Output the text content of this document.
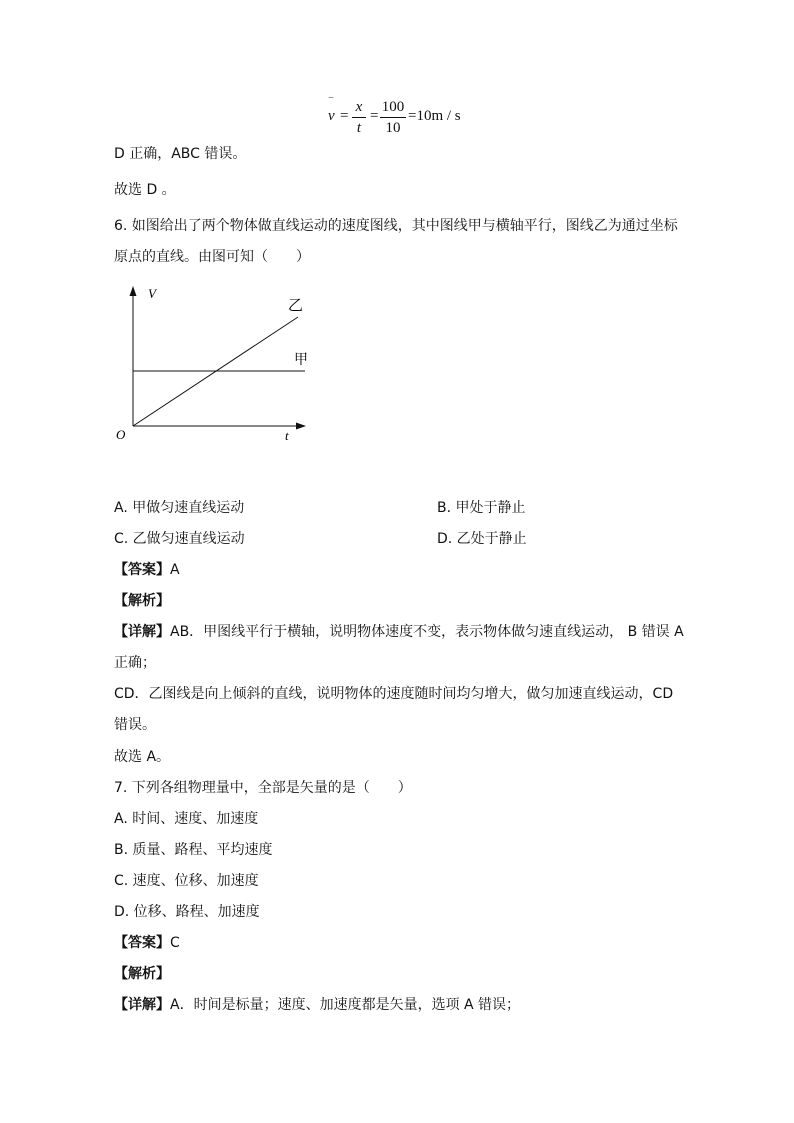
v
‾
=
x
t
=
100
10
=10m / s
D 正确，ABC 错误。
故选 D 。
6. 如图给出了两个物体做直线运动的速度图线，其中图线甲与横轴平行，图线乙为通过坐标
原点的直线。由图可知（　　）
V
t
O
甲
乙
A. 甲做匀速直线运动	B. 甲处于静止
C. 乙做匀速直线运动	D. 乙处于静止
【答案】A
【解析】
【详解】AB．甲图线平行于横轴，说明物体速度不变，表示物体做匀速直线运动， B 错误 A
正确；
CD．乙图线是向上倾斜的直线，说明物体的速度随时间均匀增大，做匀加速直线运动，CD
错误。
故选 A。
7. 下列各组物理量中，全部是矢量的是（　　）
A. 时间、速度、加速度
B. 质量、路程、平均速度
C. 速度、位移、加速度
D. 位移、路程、加速度
【答案】C
【解析】
【详解】A．时间是标量；速度、加速度都是矢量，选项 A 错误；
